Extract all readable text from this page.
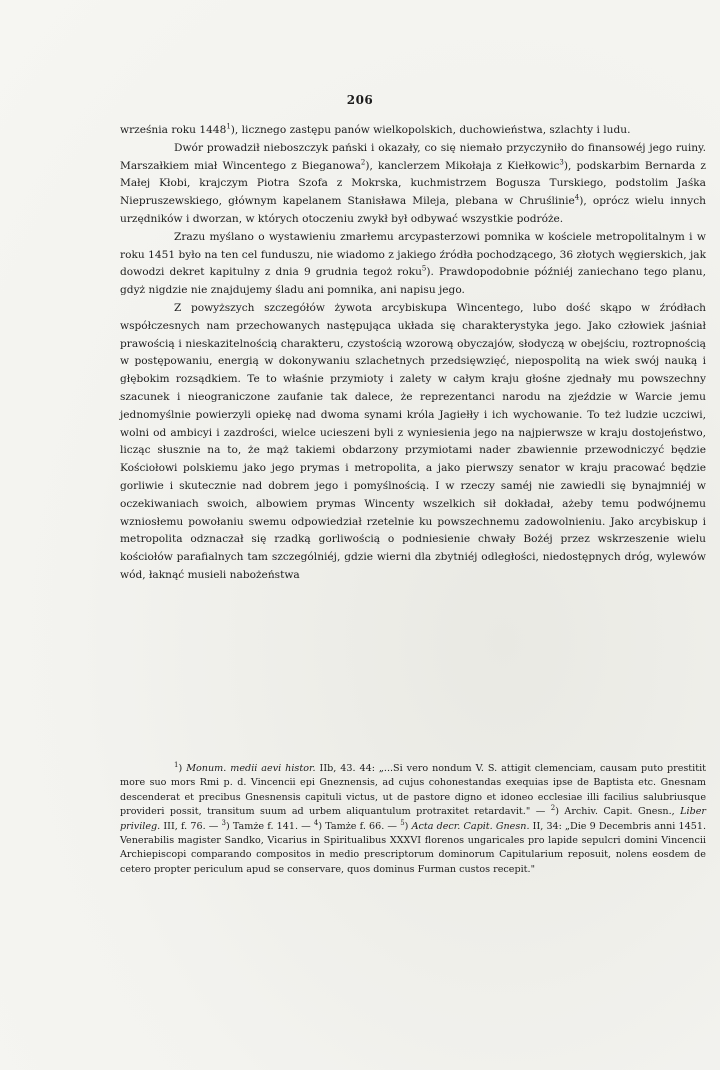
206

września roku 1448$^1$), licznego zastępu panów wielkopolskich, duchowieństwa, szlachty i ludu.

Dwór prowadził nieboszczyk pański i okazały, co się niemało przyczyniło do finansowéj jego ruiny. Marszałkiem miał Wincentego z Bieganowa$^2$), kanclerzem Mikołaja z Kiełkowic$^3$), podskarbim Bernarda z Małej Kłobi, krajczym Piotra Szofa z Mokrska, kuchmistrzem Bogusza Turskiego, podstolim Jaśka Niepruszewskiego, głównym kapelanem Stanisława Mileja, plebana w Chruślinie$^4$), oprócz wielu innych urzędników i dworzan, w których otoczeniu zwykł był odbywać wszystkie podróże.

Zrazu myślano o wystawieniu zmarłemu arcypasterzowi pomnika w kościele metropolitalnym i w roku 1451 było na ten cel funduszu, nie wiadomo z jakiego źródła pochodzącego, 36 złotych węgierskich, jak dowodzi dekret kapitulny z dnia 9 grudnia tegoż roku$^5$). Prawdopodobnie późniéj zaniechano tego planu, gdyż nigdzie nie znajdujemy śladu ani pomnika, ani napisu jego.

Z powyższych szczegółów żywota arcybiskupa Wincentego, lubo dość skąpo w źródłach współczesnych nam przechowanych następująca układa się charakterystyka jego. Jako człowiek jaśniał prawością i nieskazitelnością charakteru, czystością wzorową obyczajów, słodyczą w obejściu, roztropnością w postępowaniu, energią w dokonywaniu szlachetnych przedsięwzięć, niepospolitą na wiek swój nauką i głębokim rozsądkiem. Te to właśnie przymioty i zalety w całym kraju głośne zjednały mu powszechny szacunek i nieograniczone zaufanie tak dalece, że reprezentanci narodu na zjeździe w Warcie jemu jednomyślnie powierzyli opiekę nad dwoma synami króla Jagiełły i ich wychowanie. To też ludzie uczciwi, wolni od ambicyi i zazdrości, wielce ucieszeni byli z wyniesienia jego na najpierwsze w kraju dostojeństwo, licząc słusznie na to, że mąż takiemi obdarzony przymiotami nader zbawiennie przewodniczyć będzie Kościołowi polskiemu jako jego prymas i metropolita, a jako pierwszy senator w kraju pracować będzie gorliwie i skutecznie nad dobrem jego i pomyślnością. I w rzeczy saméj nie zawiedli się bynajmniéj w oczekiwaniach swoich, albowiem prymas Wincenty wszelkich sił dokładał, ażeby temu podwójnemu wzniosłemu powołaniu swemu odpowiedział rzetelnie ku powszechnemu zadowolnieniu. Jako arcybiskup i metropolita odznaczał się rzadką gorliwością o podniesienie chwały Bożéj przez wskrzeszenie wielu kościołów parafialnych tam szczególniéj, gdzie wierni dla zbytniéj odległości, niedostępnych dróg, wylewów wód, łaknąć musieli nabożeństwa

$^1$) Monum. medii aevi histor. IIb, 43. 44: „...Si vero nondum V. S. attigit clemenciam, causam puto prestitit more suo mors Rmi p. d. Vincencii epi Gneznensis, ad cujus cohonestandas exequias ipse de Baptista etc. Gnesnam descenderat et precibus Gnesnensis capituli victus, ut de pastore digno et idoneo ecclesiae illi facilius salubriusque provideri possit, transitum suum ad urbem aliquantulum protraxitet retardavit." — $^2$) Archiv. Capit. Gnesn., Liber privileg. III, f. 76. — $^3$) Tamże f. 141. — $^4$) Tamże f. 66. — $^5$) Acta decr. Capit. Gnesn. II, 34: „Die 9 Decembris anni 1451. Venerabilis magister Sandko, Vicarius in Spiritualibus XXXVI florenos ungaricales pro lapide sepulcri domini Vincencii Archiepiscopi comparando compositos in medio prescriptorum dominorum Capitularium reposuit, nolens eosdem de cetero propter periculum apud se conservare, quos dominus Furman custos recepit."
